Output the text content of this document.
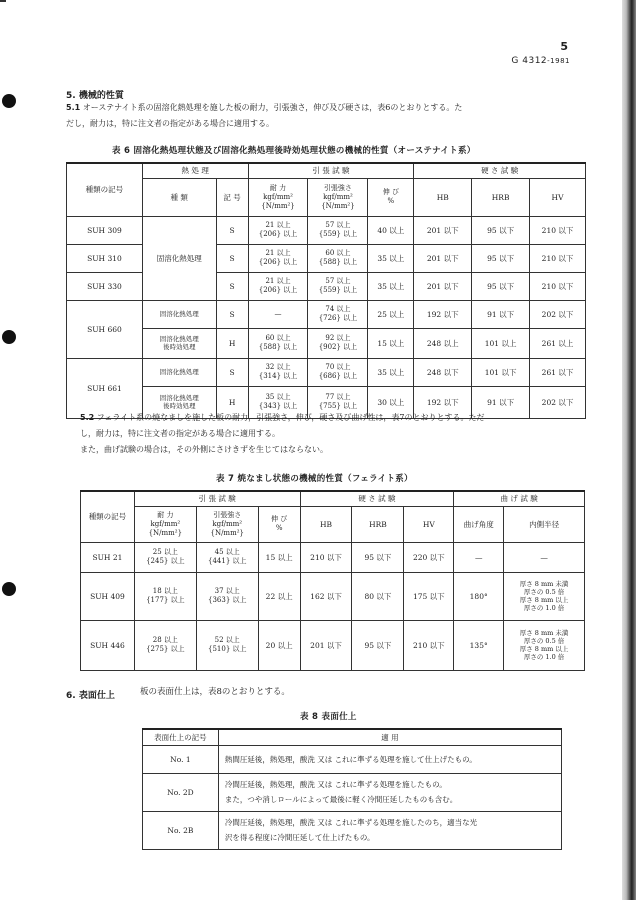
5
G 4312-1981
5. 機械的性質
5.1 オーステナイト系の固溶化熱処理を施した板の耐力，引張強さ，伸び及び硬さは，表6のとおりとする。た
だし，耐力は，特に注文者の指定がある場合に適用する。
表 6 固溶化熱処理状態及び固溶化熱処理後時効処理状態の機械的性質（オーステナイト系）
種類の記号	熱 処 理		引 張 試 験			硬 さ 試 験		
	種 類	記 号	耐 力
kgf/mm²
{N/mm²}	引張強さ
kgf/mm²
{N/mm²}	伸 び
%	HB	HRB	HV
SUH 309	固溶化熱処理	S	21 以上
{206} 以上	57 以上
{559} 以上	40 以上	201 以下	95 以下	210 以下
SUH 310		S	21 以上
{206} 以上	60 以上
{588} 以上	35 以上	201 以下	95 以下	210 以下
SUH 330		S	21 以上
{206} 以上	57 以上
{559} 以上	35 以上	201 以下	95 以下	210 以下
SUH 660	固溶化熱処理	S	—	74 以上
{726} 以上	25 以上	192 以下	91 以下	202 以下
	固溶化熱処理
後時効処理	H	60 以上
{588} 以上	92 以上
{902} 以上	15 以上	248 以上	101 以上	261 以上
SUH 661	固溶化熱処理	S	32 以上
{314} 以上	70 以上
{686} 以上	35 以上	248 以下	101 以下	261 以下
	固溶化熱処理
後時効処理	H	35 以上
{343} 以上	77 以上
{755} 以上	30 以上	192 以下	91 以下	202 以下
5.2 フェライト系の焼なましを施した板の耐力，引張強さ，伸び，硬さ及び曲げ性は，表7のとおりとする。ただ
し，耐力は，特に注文者の指定がある場合に適用する。
また，曲げ試験の場合は，その外側にさけきずを生じてはならない。
表 7 焼なまし状態の機械的性質（フェライト系）
種類の記号	引 張 試 験			硬 さ 試 験			曲 げ 試 験	
	耐 力
kgf/mm²
{N/mm²}	引張強さ
kgf/mm²
{N/mm²}	伸 び
%	HB	HRB	HV	曲げ角度	内側半径
SUH 21	25 以上
{245} 以上	45 以上
{441} 以上	15 以上	210 以下	95 以下	220 以下	—	—
SUH 409	18 以上
{177} 以上	37 以上
{363} 以上	22 以上	162 以下	80 以下	175 以下	180°	厚さ 8 mm 未満
厚さの 0.5 倍
厚さ 8 mm 以上
厚さの 1.0 倍
SUH 446	28 以上
{275} 以上	52 以上
{510} 以上	20 以上	201 以下	95 以下	210 以下	135°	厚さ 8 mm 未満
厚さの 0.5 倍
厚さ 8 mm 以上
厚さの 1.0 倍
6. 表面仕上	板の表面仕上は，表8のとおりとする。
表 8 表面仕上
表面仕上の記号	適 用
No. 1	熱間圧延後，熱処理，酸洗 又は これに準ずる処理を施して仕上げたもの。
No. 2D	冷間圧延後，熱処理，酸洗 又は これに準ずる処理を施したもの。
また，つや消しロールによって最後に軽く冷間圧延したものも含む。
No. 2B	冷間圧延後，熱処理，酸洗 又は これに準ずる処理を施したのち，適当な光
沢を得る程度に冷間圧延して仕上げたもの。
